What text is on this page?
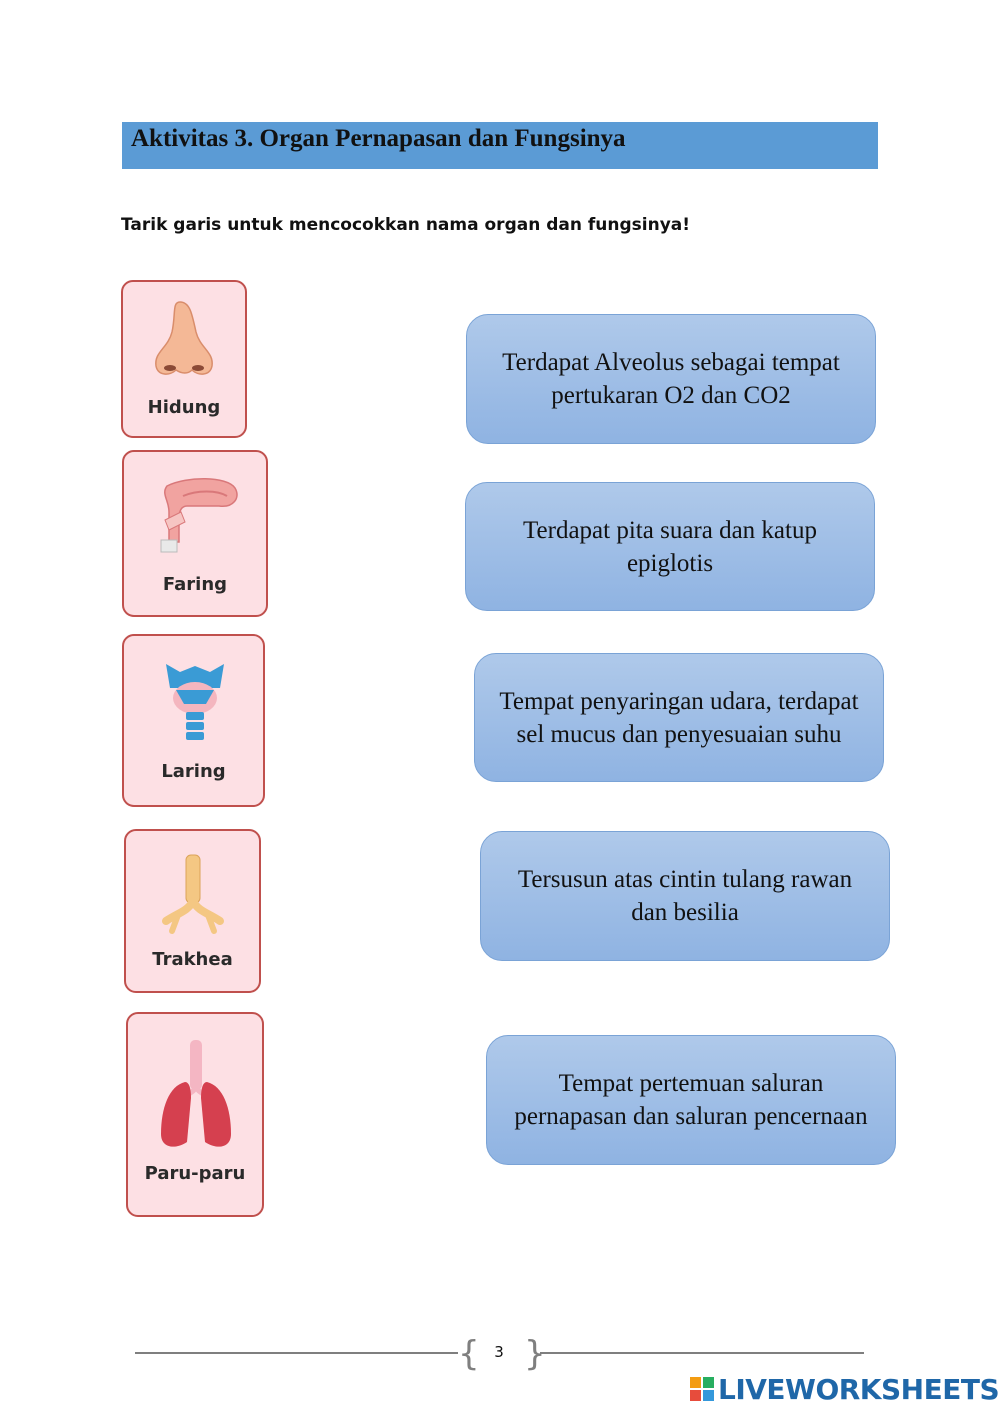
Aktivitas 3. Organ Pernapasan dan Fungsinya
Tarik garis untuk mencocokkan nama organ dan fungsinya!
Hidung
Faring
Laring
Trakhea
Paru-paru
Terdapat Alveolus sebagai tempat pertukaran O2 dan CO2
Terdapat pita suara dan katup epiglotis
Tempat penyaringan udara, terdapat sel mucus dan penyesuaian suhu
Tersusun atas cintin tulang rawan dan besilia
Tempat pertemuan saluran pernapasan dan saluran pencernaan
{ }
3
LIVEWORKSHEETS
